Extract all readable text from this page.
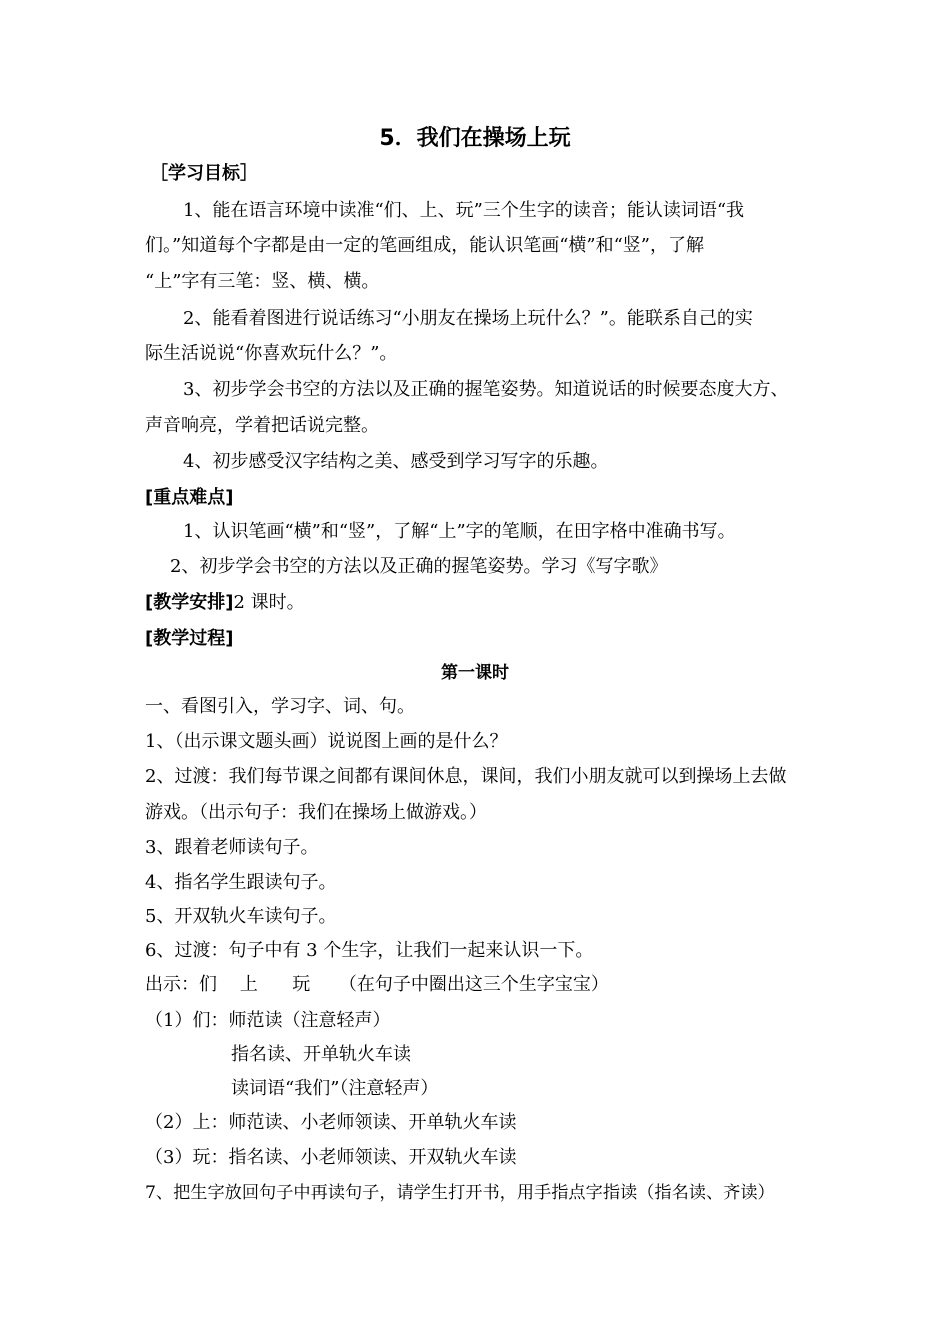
5．我们在操场上玩
［学习目标］
1、能在语言环境中读准“们、上、玩”三个生字的读音；能认读词语“我
们。”知道每个字都是由一定的笔画组成，能认识笔画“横”和“竖”，了解
“上”字有三笔：竖、横、横。
2、能看着图进行说话练习“小朋友在操场上玩什么？”。能联系自己的实
际生活说说“你喜欢玩什么？”。
3、初步学会书空的方法以及正确的握笔姿势。知道说话的时候要态度大方、
声音响亮，学着把话说完整。
4、初步感受汉字结构之美、感受到学习写字的乐趣。
[重点难点]
1、认识笔画“横”和“竖”，了解“上”字的笔顺，在田字格中准确书写。
2、初步学会书空的方法以及正确的握笔姿势。学习《写字歌》
[教学安排]2 课时。
[教学过程]
第一课时
一、看图引入，学习字、词、句。
1、（出示课文题头画）说说图上画的是什么？
2、过渡：我们每节课之间都有课间休息，课间，我们小朋友就可以到操场上去做
游戏。（出示句子：我们在操场上做游戏。）
3、跟着老师读句子。
4、指名学生跟读句子。
5、开双轨火车读句子。
6、过渡：句子中有 3 个生字，让我们一起来认识一下。
出示：们    上      玩     （在句子中圈出这三个生字宝宝）
（1）们：师范读（注意轻声）
指名读、开单轨火车读
读词语“我们”（注意轻声）
（2）上：师范读、小老师领读、开单轨火车读
（3）玩：指名读、小老师领读、开双轨火车读
7、把生字放回句子中再读句子，请学生打开书，用手指点字指读（指名读、齐读）
